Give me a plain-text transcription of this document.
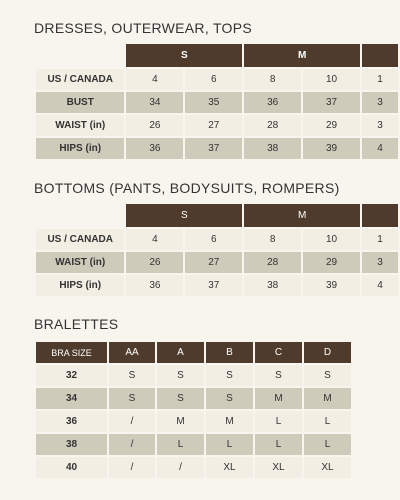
DRESSES, OUTERWEAR, TOPS
	S		M		
US / CANADA	4	6	8	10	1
BUST	34	35	36	37	3
WAIST (in)	26	27	28	29	3
HIPS (in)	36	37	38	39	4
BOTTOMS (PANTS, BODYSUITS, ROMPERS)
	S		M		
US / CANADA	4	6	8	10	1
WAIST (in)	26	27	28	29	3
HIPS (in)	36	37	38	39	4
BRALETTES
BRA SIZE	AA	A	B	C	D
32	S	S	S	S	S
34	S	S	S	M	M
36	/	M	M	L	L
38	/	L	L	L	L
40	/	/	XL	XL	XL
